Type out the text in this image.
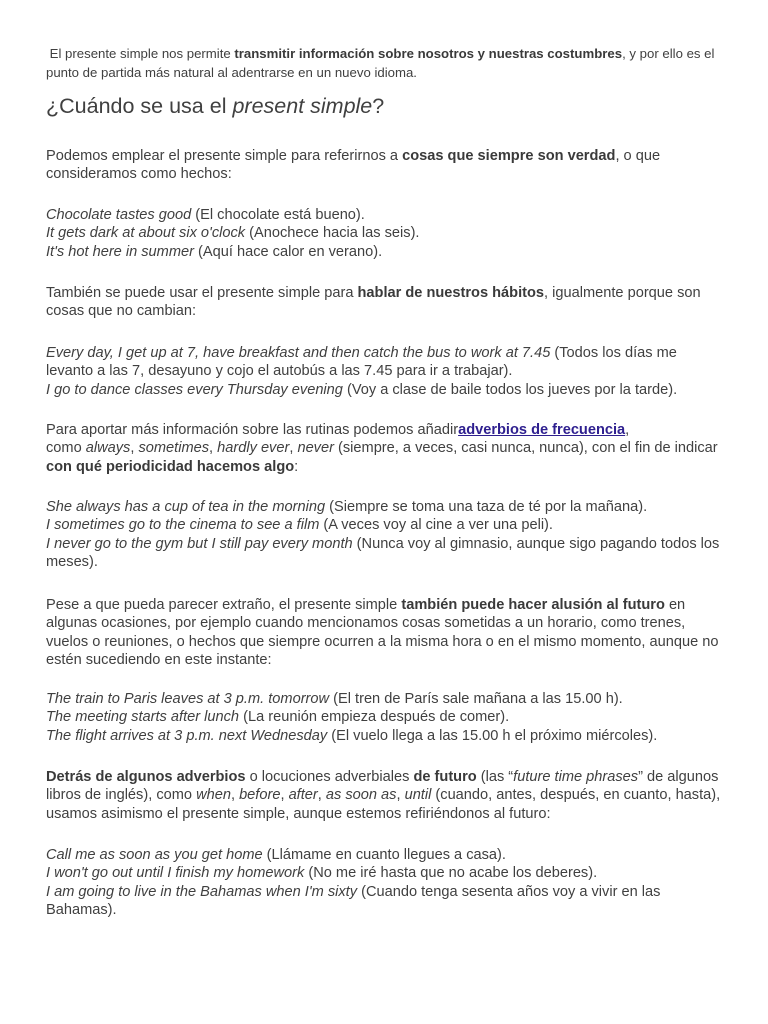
El presente simple nos permite transmitir información sobre nosotros y nuestras costumbres, y por ello es el punto de partida más natural al adentrarse en un nuevo idioma.

¿Cuándo se usa el present simple?

Podemos emplear el presente simple para referirnos a cosas que siempre son verdad, o que consideramos como hechos:

Chocolate tastes good (El chocolate está bueno).
It gets dark at about six o'clock (Anochece hacia las seis).
It's hot here in summer (Aquí hace calor en verano).

También se puede usar el presente simple para hablar de nuestros hábitos, igualmente porque son cosas que no cambian:

Every day, I get up at 7, have breakfast and then catch the bus to work at 7.45 (Todos los días me levanto a las 7, desayuno y cojo el autobús a las 7.45 para ir a trabajar).
I go to dance classes every Thursday evening (Voy a clase de baile todos los jueves por la tarde).

Para aportar más información sobre las rutinas podemos añadiradverbios de frecuencia,
como always, sometimes, hardly ever, never (siempre, a veces, casi nunca, nunca), con el fin de indicar con qué periodicidad hacemos algo:

She always has a cup of tea in the morning (Siempre se toma una taza de té por la mañana).
I sometimes go to the cinema to see a film (A veces voy al cine a ver una peli).
I never go to the gym but I still pay every month (Nunca voy al gimnasio, aunque sigo pagando todos los meses).

Pese a que pueda parecer extraño, el presente simple también puede hacer alusión al futuro en algunas ocasiones, por ejemplo cuando mencionamos cosas sometidas a un horario, como trenes, vuelos o reuniones, o hechos que siempre ocurren a la misma hora o en el mismo momento, aunque no estén sucediendo en este instante:

The train to Paris leaves at 3 p.m. tomorrow (El tren de París sale mañana a las 15.00 h).
The meeting starts after lunch (La reunión empieza después de comer).
The flight arrives at 3 p.m. next Wednesday (El vuelo llega a las 15.00 h el próximo miércoles).

Detrás de algunos adverbios o locuciones adverbiales de futuro (las “future time phrases” de algunos libros de inglés), como when, before, after, as soon as, until (cuando, antes, después, en cuanto, hasta), usamos asimismo el presente simple, aunque estemos refiriéndonos al futuro:

Call me as soon as you get home (Llámame en cuanto llegues a casa).
I won't go out until I finish my homework (No me iré hasta que no acabe los deberes).
I am going to live in the Bahamas when I'm sixty (Cuando tenga sesenta años voy a vivir en las Bahamas).
